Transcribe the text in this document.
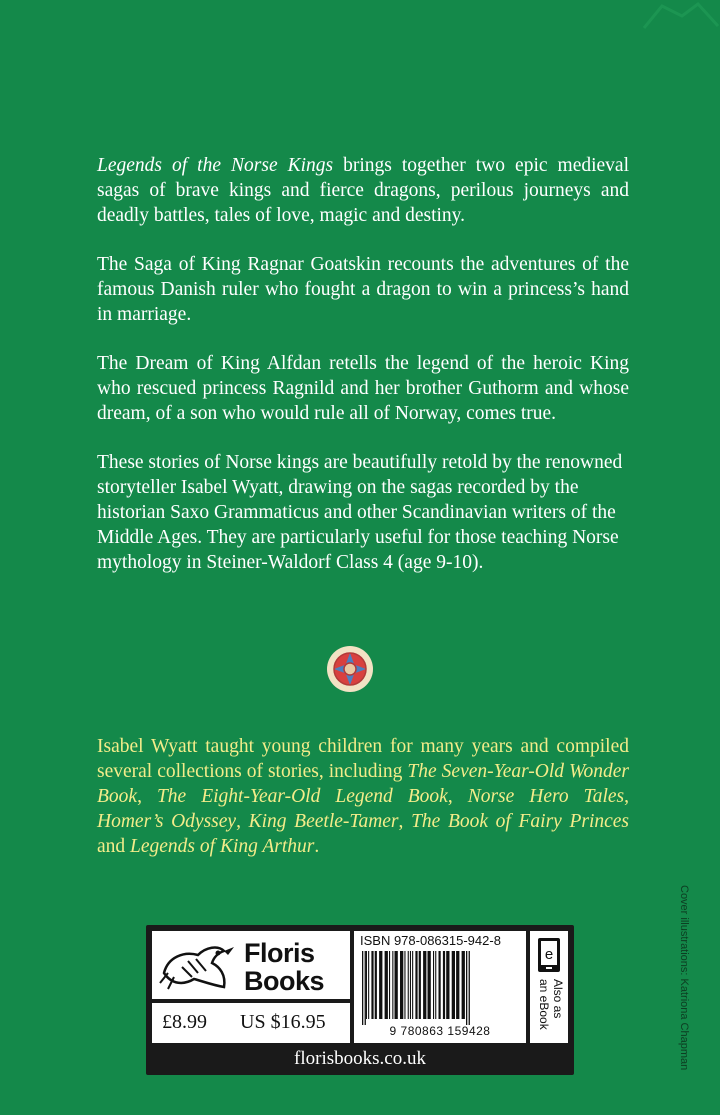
Legends of the Norse Kings brings together two epic medieval sagas of brave kings and fierce dragons, perilous journeys and deadly battles, tales of love, magic and destiny.

The Saga of King Ragnar Goatskin recounts the adventures of the famous Danish ruler who fought a dragon to win a princess’s hand in marriage.

The Dream of King Alfdan retells the legend of the heroic King who rescued princess Ragnild and her brother Guthorm and whose dream, of a son who would rule all of Norway, comes true.

These stories of Norse kings are beautifully retold by the renowned storyteller Isabel Wyatt, drawing on the sagas recorded by the historian Saxo Grammaticus and other Scandinavian writers of the Middle Ages. They are particularly useful for those teaching Norse mythology in Steiner-Waldorf Class 4 (age 9-10).

Isabel Wyatt taught young children for many years and compiled several collections of stories, including The Seven-Year-Old Wonder Book, The Eight-Year-Old Legend Book, Norse Hero Tales, Homer’s Odyssey, King Beetle-Tamer, The Book of Fairy Princes and Legends of King Arthur.
Cover illustrations: Katriona Chapman
Floris
Books
£8.99 US $16.95
ISBN 978-086315-942-8
9 780863 159428
e
Also as
an eBook
florisbooks.co.uk
